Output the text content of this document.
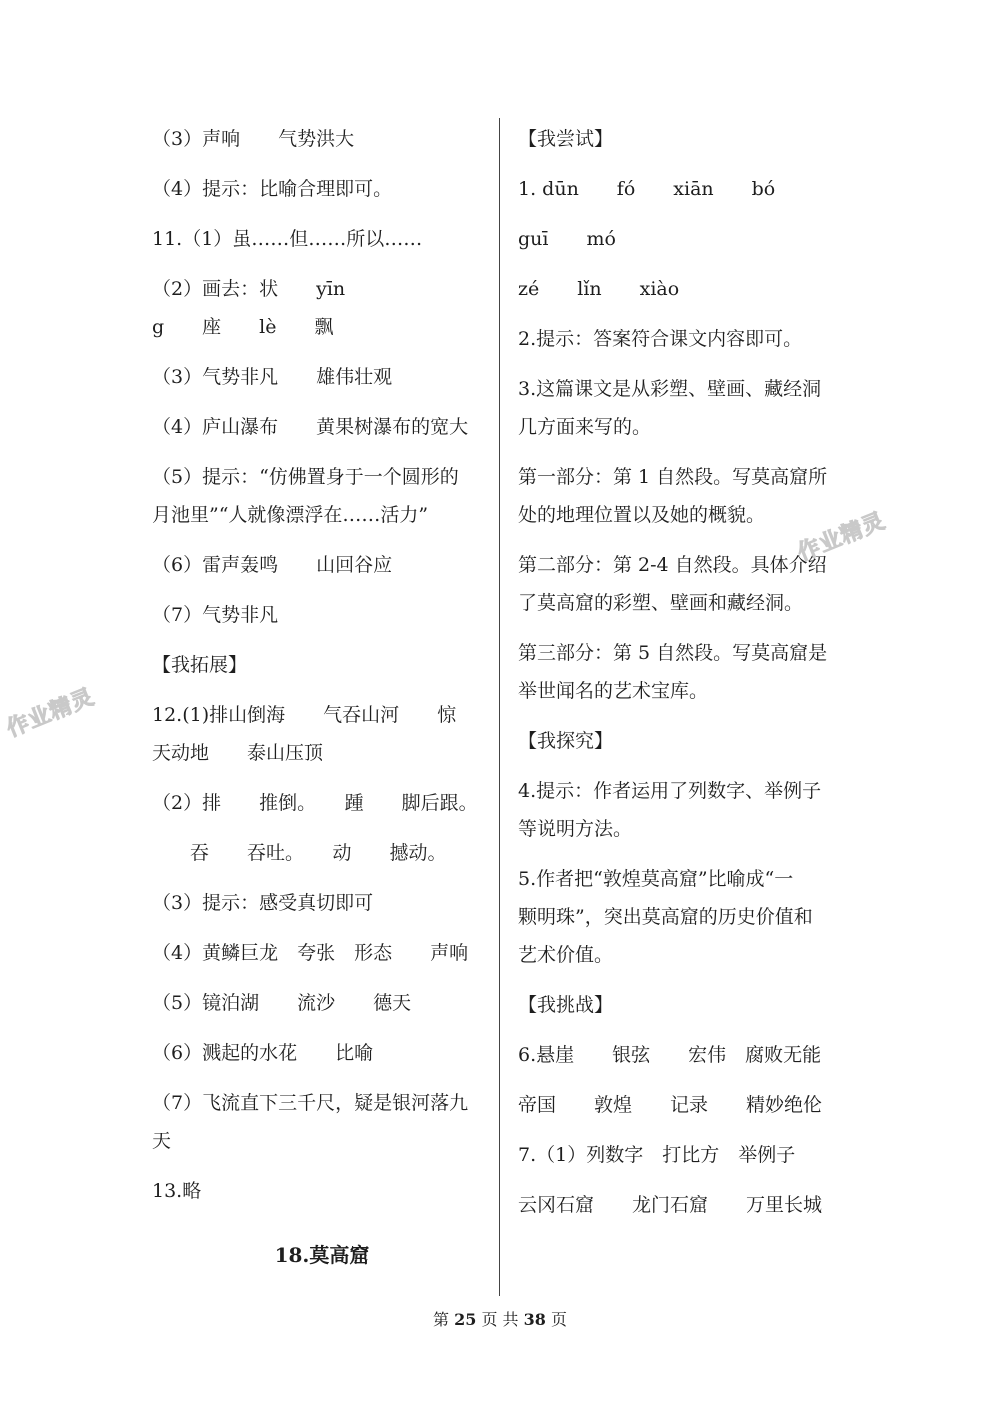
（3）声响　　气势洪大

（4）提示：比喻合理即可。

11.（1）虽……但……所以……

（2）画去：状　　yīn

g　　座　　lè　　飘

（3）气势非凡　　雄伟壮观

（4）庐山瀑布　　黄果树瀑布的宽大

（5）提示：“仿佛置身于一个圆形的

月池里”“人就像漂浮在……活力”

（6）雷声轰鸣　　山回谷应

（7）气势非凡

【我拓展】

12.(1)排山倒海　　气吞山河　　惊

天动地　　泰山压顶

（2）排　　推倒。　　踵　　脚后跟。

　　吞　　吞吐。　　动　　撼动。

（3）提示：感受真切即可

（4）黄鳞巨龙　夸张　形态　　声响

（5）镜泊湖　　流沙　　德天

（6）溅起的水花　　比喻

（7）飞流直下三千尺，疑是银河落九

天

13.略

【我尝试】

1. dūn　　fó　　xiān　　bó

guī　　mó

zé　　lǐn　　xiào

2.提示：答案符合课文内容即可。

3.这篇课文是从彩塑、壁画、藏经洞

几方面来写的。

第一部分：第 1 自然段。写莫高窟所

处的地理位置以及她的概貌。

第二部分：第 2-4 自然段。具体介绍

了莫高窟的彩塑、壁画和藏经洞。

第三部分：第 5 自然段。写莫高窟是

举世闻名的艺术宝库。

【我探究】

4.提示：作者运用了列数字、举例子

等说明方法。

5.作者把“敦煌莫高窟”比喻成“一

颗明珠”，突出莫高窟的历史价值和

艺术价值。

【我挑战】

6.悬崖　　银弦　　宏伟　腐败无能

帝国　　敦煌　　记录　　精妙绝伦

7.（1）列数字　打比方　举例子

云冈石窟　　龙门石窟　　万里长城

18.莫高窟
第 25 页 共 38 页
作业精灵
作业精灵
